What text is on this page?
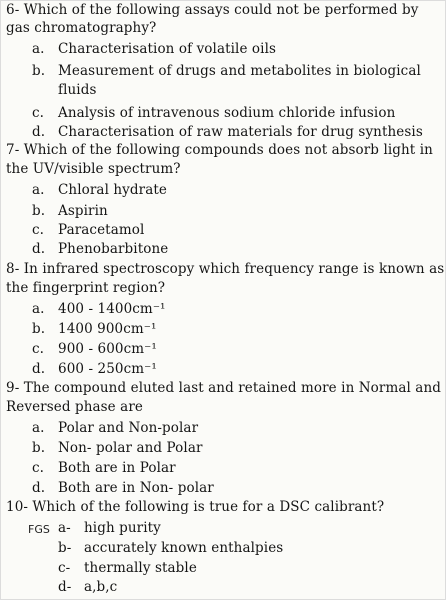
6- Which of the following assays could not be performed by
gas chromatography?
a. Characterisation of volatile oils
b. Measurement of drugs and metabolites in biological
fluids
c. Analysis of intravenous sodium chloride infusion
d. Characterisation of raw materials for drug synthesis
7- Which of the following compounds does not absorb light in
the UV/visible spectrum?
a. Chloral hydrate
b. Aspirin
c. Paracetamol
d. Phenobarbitone
8- In infrared spectroscopy which frequency range is known as
the fingerprint region?
a. 400 - 1400cm⁻¹
b. 1400 900cm⁻¹
c. 900 - 600cm⁻¹
d. 600 - 250cm⁻¹
9- The compound eluted last and retained more in Normal and
Reversed phase are
a. Polar and Non-polar
b. Non- polar and Polar
c. Both are in Polar
d. Both are in Non- polar
10- Which of the following is true for a DSC calibrant?
a- high purity
b- accurately known enthalpies
c- thermally stable
d- a,b,c
FGS
